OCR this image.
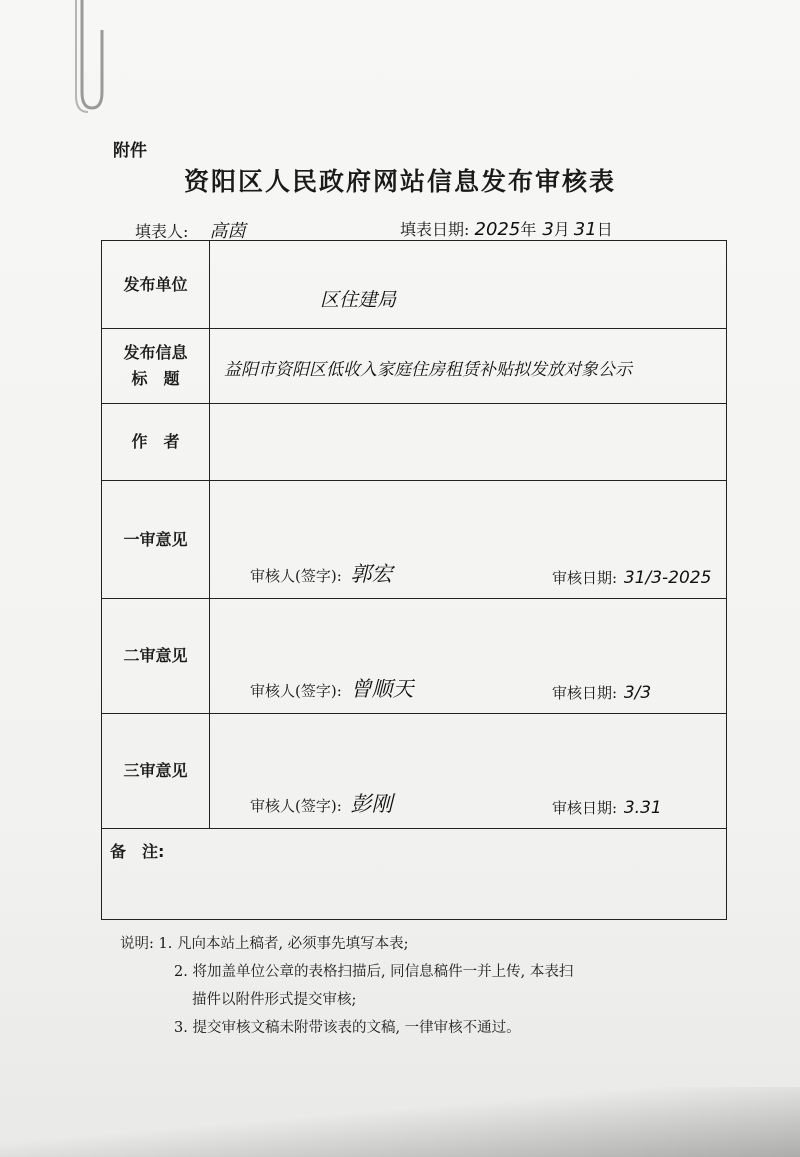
附件
资阳区人民政府网站信息发布审核表
填表人: 高茵	填表日期: 2025年 3月 31日
发布单位	区住建局

发布信息
标　题	益阳市资阳区低收入家庭住房租赁补贴拟发放对象公示

作　者	

一审意见	审核人(签字): 郭宏 审核日期: 31/3-2025

二审意见	审核人(签字): 曾顺天 审核日期: 3/3

三审意见	审核人(签字): 彭刚 审核日期: 3.31

备　注:	
说明: 1. 凡向本站上稿者, 必须事先填写本表;
2. 将加盖单位公章的表格扫描后, 同信息稿件一并上传, 本表扫
描件以附件形式提交审核;
3. 提交审核文稿未附带该表的文稿, 一律审核不通过。
